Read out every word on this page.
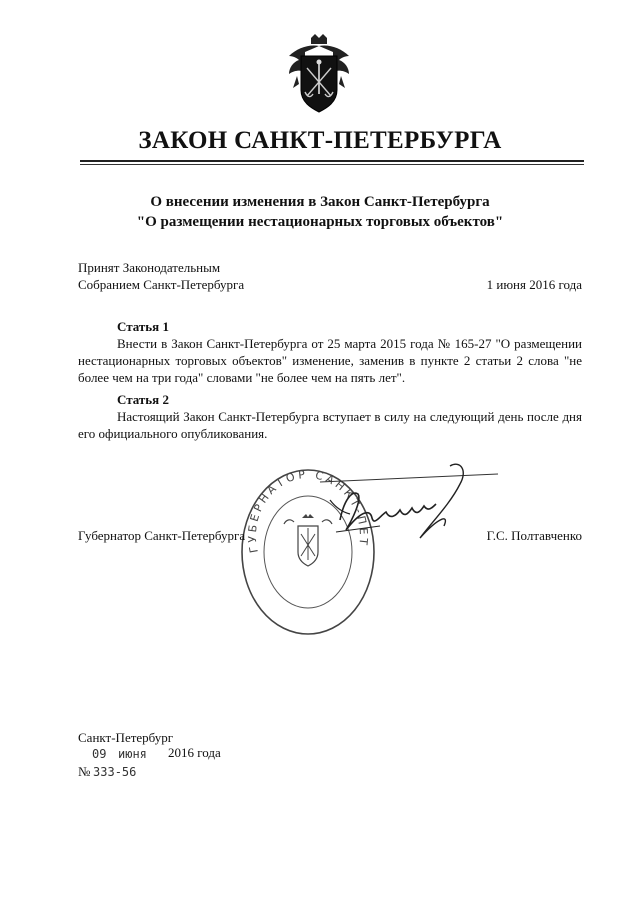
ЗАКОН САНКТ-ПЕТЕРБУРГА
О внесении изменения в Закон Санкт-Петербурга
"О размещении нестационарных торговых объектов"
Принят Законодательным
Собранием Санкт-Петербурга	1 июня 2016 года
Статья 1
Внести в Закон Санкт-Петербурга от 25 марта 2015 года № 165-27 "О размещении нестационарных торговых объектов" изменение, заменив в пункте 2 статьи 2 слова "не более чем на три года" словами "не более чем на пять лет".
Статья 2
Настоящий Закон Санкт-Петербурга вступает в силу на следующий день после дня его официального опубликования.
ГУБЕРНАТОР САНКТ-ПЕТ
Губернатор Санкт-Петербурга	Г.С. Полтавченко
Санкт-Петербург
09 июня 2016 года
№  333-56
